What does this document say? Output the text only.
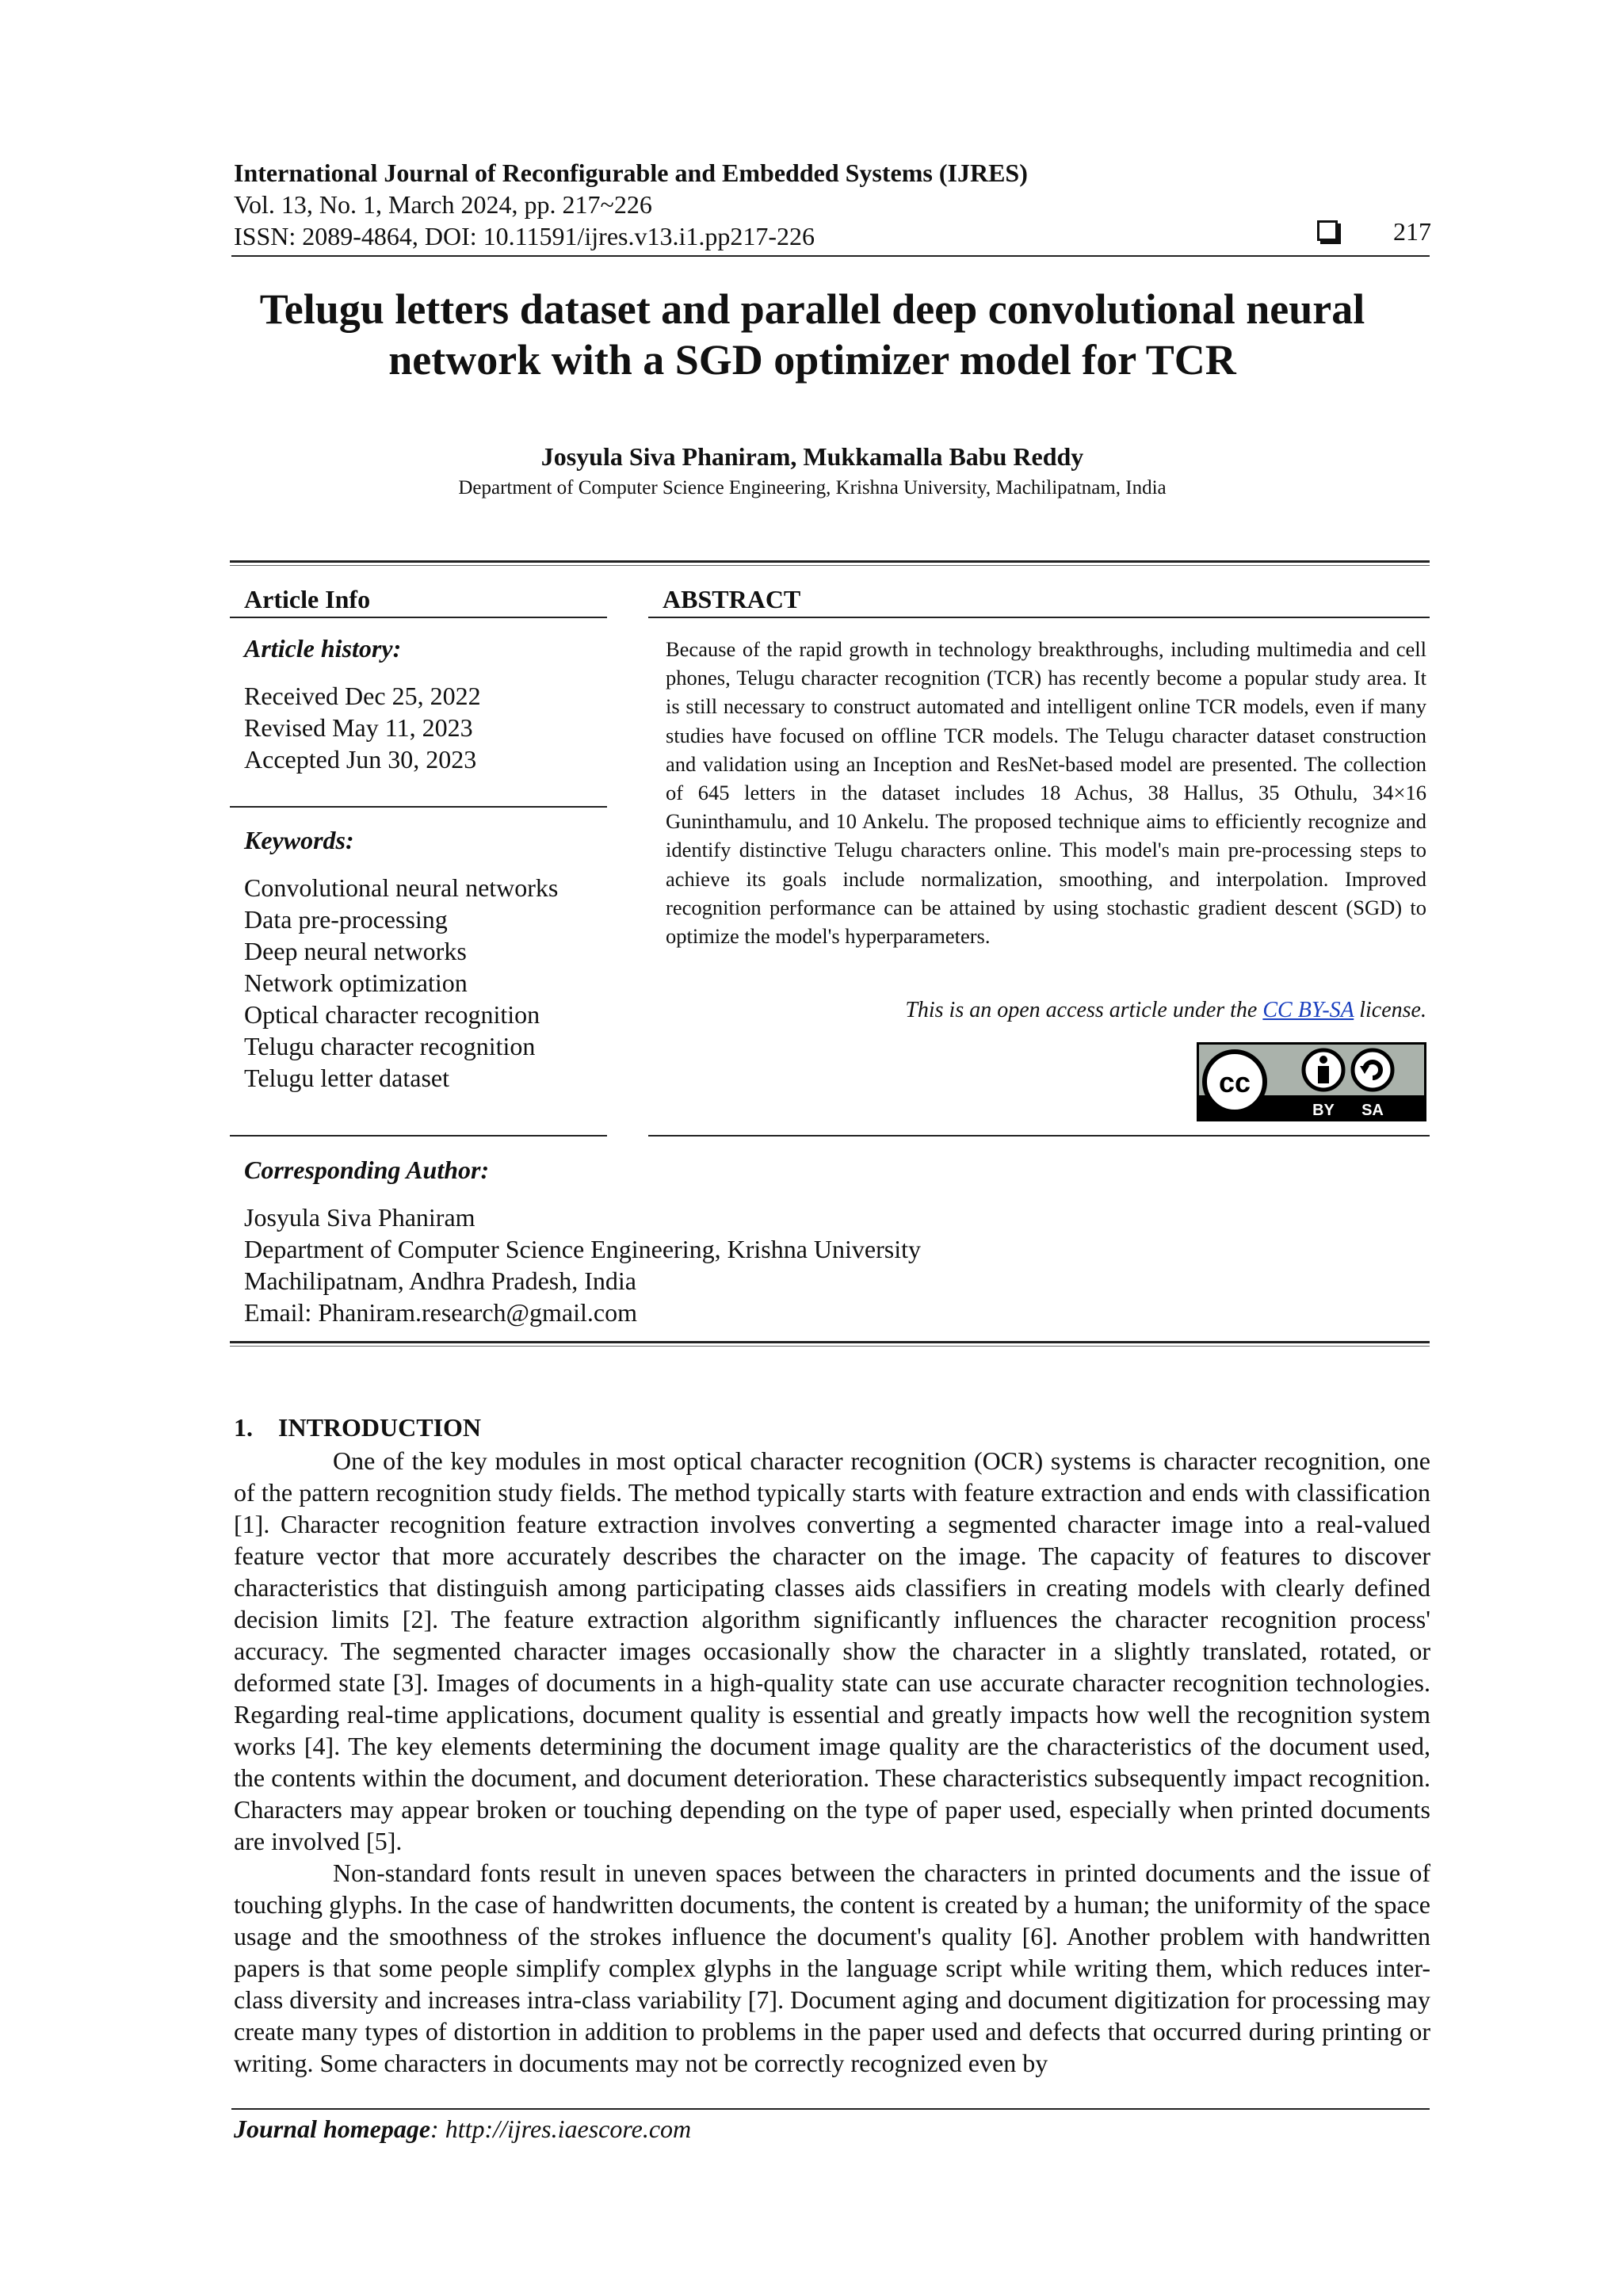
International Journal of Reconfigurable and Embedded Systems (IJRES)
Vol. 13, No. 1, March 2024, pp. 217~226
ISSN: 2089-4864, DOI: 10.11591/ijres.v13.i1.pp217-226	217
Telugu letters dataset and parallel deep convolutional neural
network with a SGD optimizer model for TCR
Josyula Siva Phaniram, Mukkamalla Babu Reddy
Department of Computer Science Engineering, Krishna University, Machilipatnam, India
Article Info
Article history:
Received Dec 25, 2022
Revised May 11, 2023
Accepted Jun 30, 2023
Keywords:
Convolutional neural networks
Data pre-processing
Deep neural networks
Network optimization
Optical character recognition
Telugu character recognition
Telugu letter dataset
ABSTRACT
Because of the rapid growth in technology breakthroughs, including multimedia and cell phones, Telugu character recognition (TCR) has recently become a popular study area. It is still necessary to construct automated and intelligent online TCR models, even if many studies have focused on offline TCR models. The Telugu character dataset construction and validation using an Inception and ResNet-based model are presented. The collection of 645 letters in the dataset includes 18 Achus, 38 Hallus, 35 Othulu, 34×16 Guninthamulu, and 10 Ankelu. The proposed technique aims to efficiently recognize and identify distinctive Telugu characters online. This model's main pre-processing steps to achieve its goals include normalization, smoothing, and interpolation. Improved recognition performance can be attained by using stochastic gradient descent (SGD) to optimize the model's hyperparameters.
This is an open access article under the CC BY-SA license.
cc
BY SA
Corresponding Author:
Josyula Siva Phaniram
Department of Computer Science Engineering, Krishna University
Machilipatnam, Andhra Pradesh, India
Email: Phaniram.research@gmail.com
1.    INTRODUCTION
One of the key modules in most optical character recognition (OCR) systems is character recognition, one of the pattern recognition study fields. The method typically starts with feature extraction and ends with classification [1]. Character recognition feature extraction involves converting a segmented character image into a real-valued feature vector that more accurately describes the character on the image. The capacity of features to discover characteristics that distinguish among participating classes aids classifiers in creating models with clearly defined decision limits [2]. The feature extraction algorithm significantly influences the character recognition process' accuracy. The segmented character images occasionally show the character in a slightly translated, rotated, or deformed state [3]. Images of documents in a high-quality state can use accurate character recognition technologies. Regarding real-time applications, document quality is essential and greatly impacts how well the recognition system works [4]. The key elements determining the document image quality are the characteristics of the document used, the contents within the document, and document deterioration. These characteristics subsequently impact recognition. Characters may appear broken or touching depending on the type of paper used, especially when printed documents are involved [5].
Non-standard fonts result in uneven spaces between the characters in printed documents and the issue of touching glyphs. In the case of handwritten documents, the content is created by a human; the uniformity of the space usage and the smoothness of the strokes influence the document's quality [6]. Another problem with handwritten papers is that some people simplify complex glyphs in the language script while writing them, which reduces inter-class diversity and increases intra-class variability [7]. Document aging and document digitization for processing may create many types of distortion in addition to problems in the paper used and defects that occurred during printing or writing. Some characters in documents may not be correctly recognized even by
Journal homepage: http://ijres.iaescore.com
